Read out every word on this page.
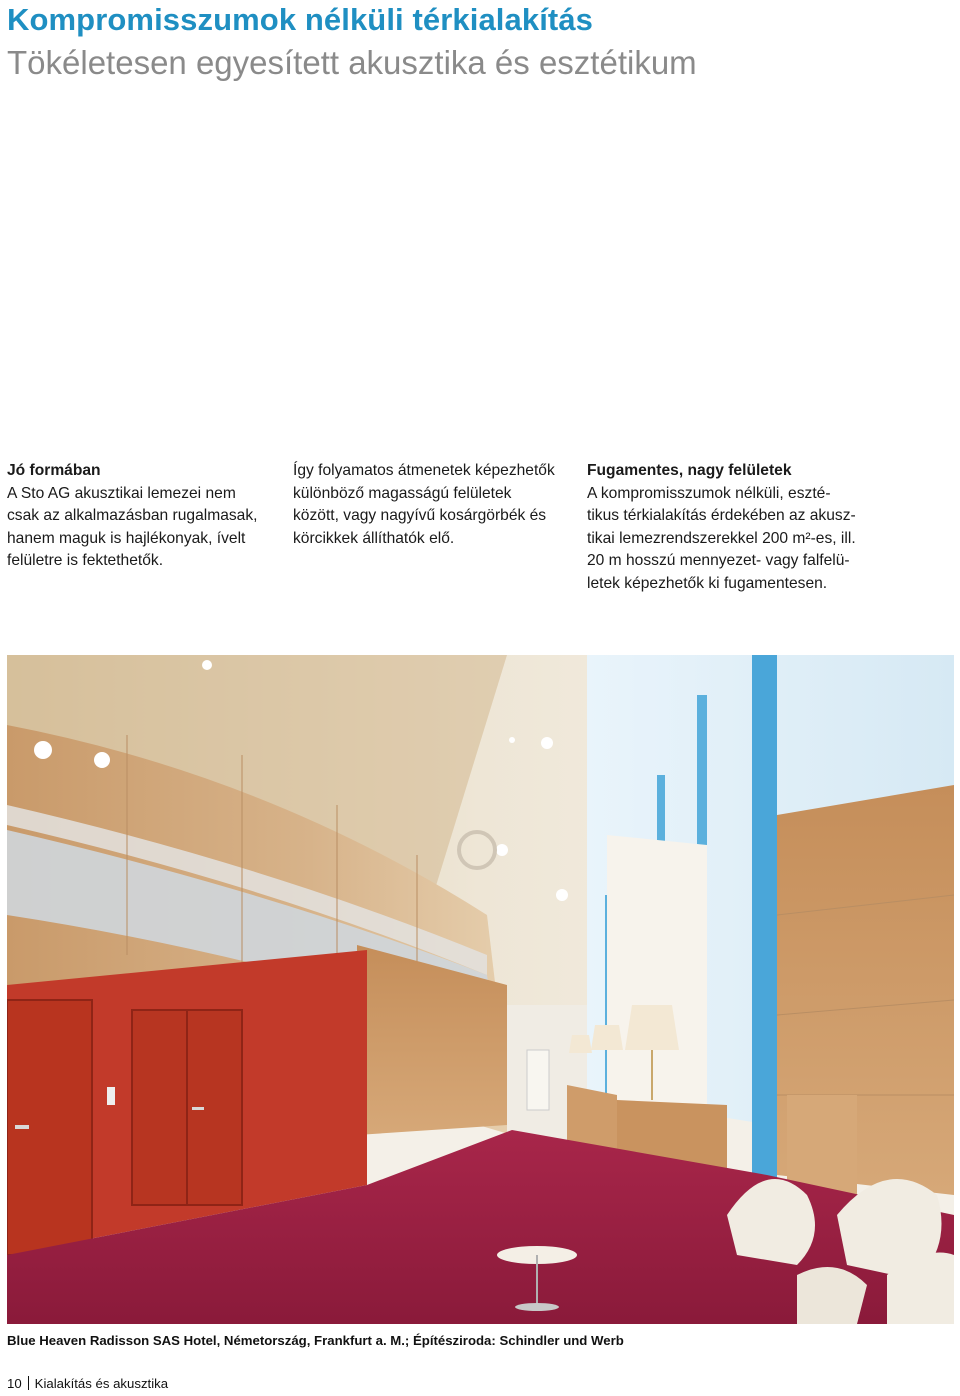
Kompromisszumok nélküli térkialakítás
Tökéletesen egyesített akusztika és esztétikum
Jó formában
A Sto AG akusztikai lemezei nem
csak az alkalmazásban rugalmasak,
hanem maguk is hajlékonyak, ívelt
felületre is fektethetők.
Így folyamatos átmenetek képezhetők
különböző magasságú felületek
között, vagy nagyívű kosárgörbék és
körcikkek állíthatók elő.
Fugamentes, nagy felületek
A kompromisszumok nélküli, eszté-
tikus térkialakítás érdekében az akusz-
tikai lemezrendszerekkel 200 m²-es, ill.
20 m hosszú mennyezet- vagy falfelü-
letek képezhetők ki fugamentesen.
Blue Heaven Radisson SAS Hotel, Németország, Frankfurt a. M.; Építésziroda: Schindler und Werb
10 Kialakítás és akusztika
